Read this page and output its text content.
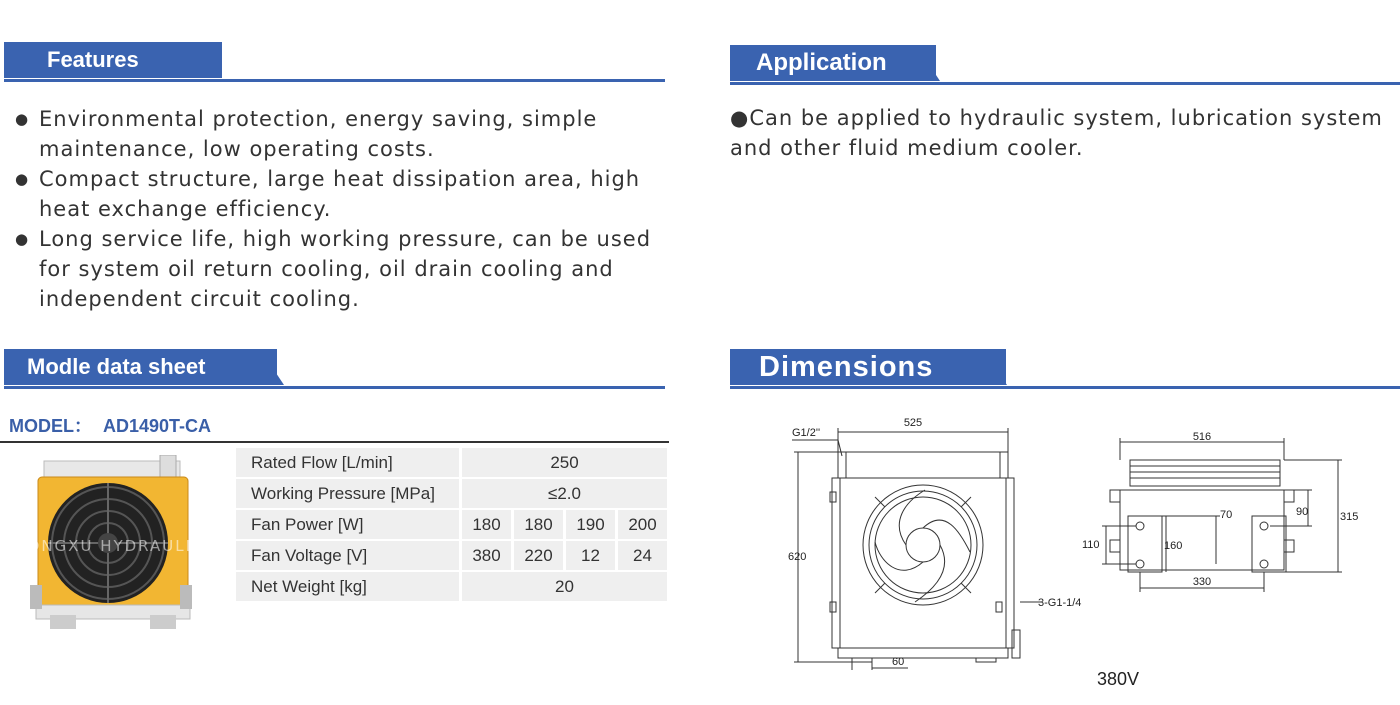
Features
● Environmental protection, energy saving, simple maintenance, low operating costs.
● Compact structure, large heat dissipation area, high heat exchange efficiency.
● Long service life, high working pressure, can be used for system oil return cooling, oil drain cooling and independent circuit cooling.
Application
●Can be applied to hydraulic system, lubrication system and other fluid medium cooler.
Modle data sheet
MODEL： AD1490T-CA
DONGXU HYDRAULICS
Rated Flow [L/min]	250			
Working Pressure [MPa]	≤2.0			
Fan Power [W]	180	180	190	200
Fan Voltage [V]	380	220	12	24
Net Weight [kg]	20			
Dimensions
525
G1/2''
620
60
3-G1-1/4
516
315
90
70
110	160
330
380V
